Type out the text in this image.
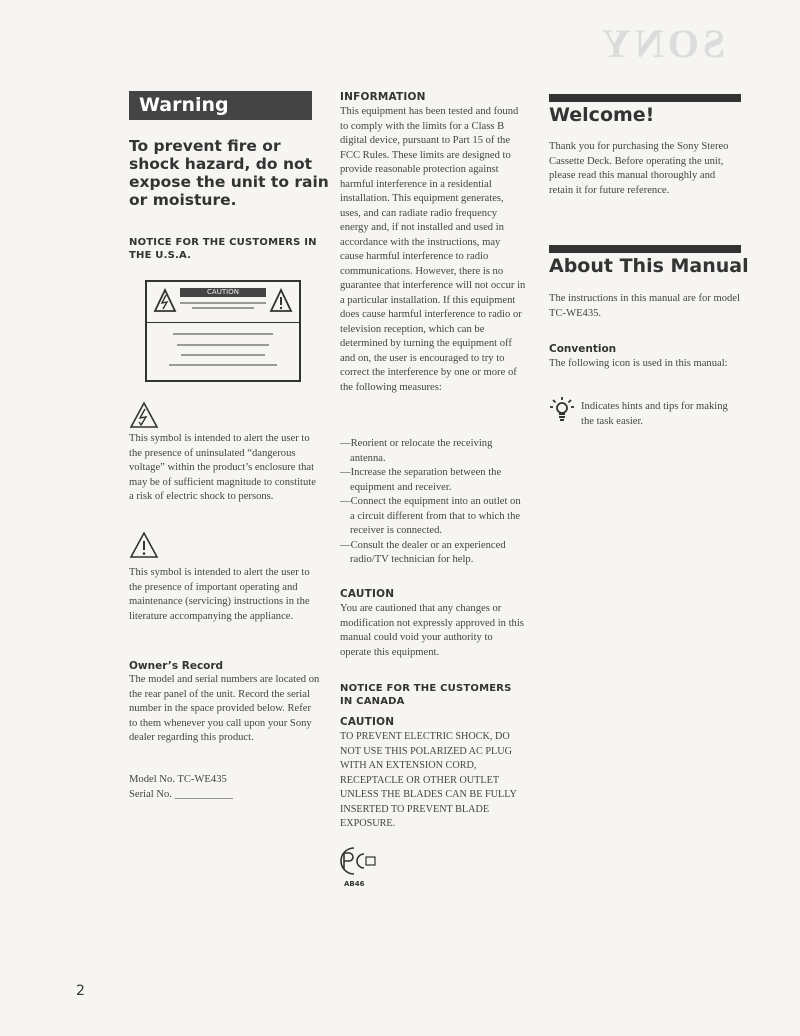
SONY
Warning
To prevent fire or shock hazard, do not expose the unit to rain or moisture.
NOTICE FOR THE CUSTOMERS IN THE U.S.A.
CAUTION
This symbol is intended to alert the user to the presence of uninsulated “dangerous voltage” within the product’s enclosure that may be of sufficient magnitude to constitute a risk of electric shock to persons.
This symbol is intended to alert the user to the presence of important operating and maintenance (servicing) instructions in the literature accompanying the appliance.
Owner’s Record
The model and serial numbers are located on the rear panel of the unit. Record the serial number in the space provided below. Refer to them whenever you call upon your Sony dealer regarding this product.
Model No. TC-WE435
Serial No. ___________
INFORMATION
This equipment has been tested and found to comply with the limits for a Class B digital device, pursuant to Part 15 of the FCC Rules. These limits are designed to provide reasonable protection against harmful interference in a residential installation. This equipment generates, uses, and can radiate radio frequency energy and, if not installed and used in accordance with the instructions, may cause harmful interference to radio communications. However, there is no guarantee that interference will not occur in a particular installation. If this equipment does cause harmful interference to radio or television reception, which can be determined by turning the equipment off and on, the user is encouraged to try to correct the interference by one or more of the following measures:
—Reorient or relocate the receiving antenna.
—Increase the separation between the equipment and receiver.
—Connect the equipment into an outlet on a circuit different from that to which the receiver is connected.
—Consult the dealer or an experienced radio/TV technician for help.
CAUTION
You are cautioned that any changes or modification not expressly approved in this manual could void your authority to operate this equipment.
NOTICE FOR THE CUSTOMERS IN CANADA
CAUTION
TO PREVENT ELECTRIC SHOCK, DO NOT USE THIS POLARIZED AC PLUG WITH AN EXTENSION CORD, RECEPTACLE OR OTHER OUTLET UNLESS THE BLADES CAN BE FULLY INSERTED TO PREVENT BLADE EXPOSURE.
AB46
Welcome!
Thank you for purchasing the Sony Stereo Cassette Deck. Before operating the unit, please read this manual thoroughly and retain it for future reference.
About This Manual
The instructions in this manual are for model TC-WE435.
Convention
The following icon is used in this manual:
Indicates hints and tips for making the task easier.
2
